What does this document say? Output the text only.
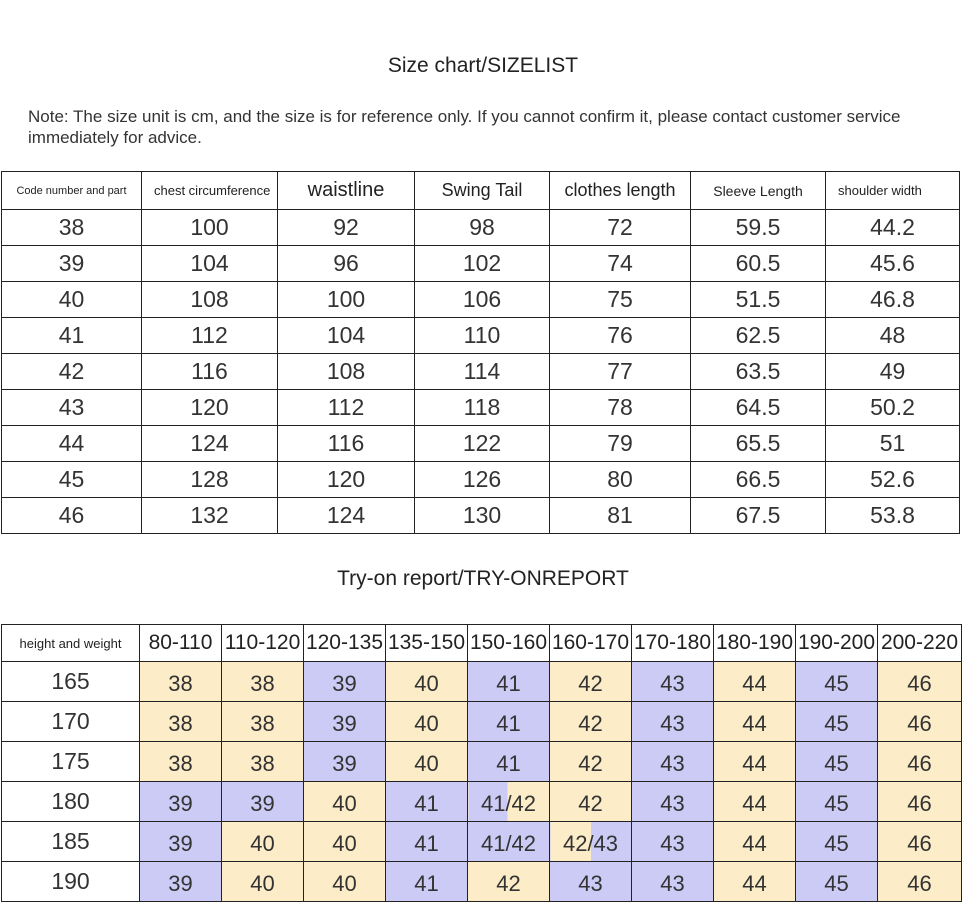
Size chart/SIZELIST
Note: The size unit is cm, and the size is for reference only. If you cannot confirm it, please contact customer service immediately for advice.
Code number and part	chest circumference	waistline	Swing Tail	clothes length	Sleeve Length	shoulder width
38	100	92	98	72	59.5	44.2
39	104	96	102	74	60.5	45.6
40	108	100	106	75	51.5	46.8
41	112	104	110	76	62.5	48
42	116	108	114	77	63.5	49
43	120	112	118	78	64.5	50.2
44	124	116	122	79	65.5	51
45	128	120	126	80	66.5	52.6
46	132	124	130	81	67.5	53.8
Try-on report/TRY-ONREPORT
height and weight	80-110	110-120	120-135	135-150	150-160	160-170	170-180	180-190	190-200	200-220
165	38	38	39	40	41	42	43	44	45	46
170	38	38	39	40	41	42	43	44	45	46
175	38	38	39	40	41	42	43	44	45	46
180	39	39	40	41	41/42	42	43	44	45	46
185	39	40	40	41	41/42	42/43	43	44	45	46
190	39	40	40	41	42	43	43	44	45	46
